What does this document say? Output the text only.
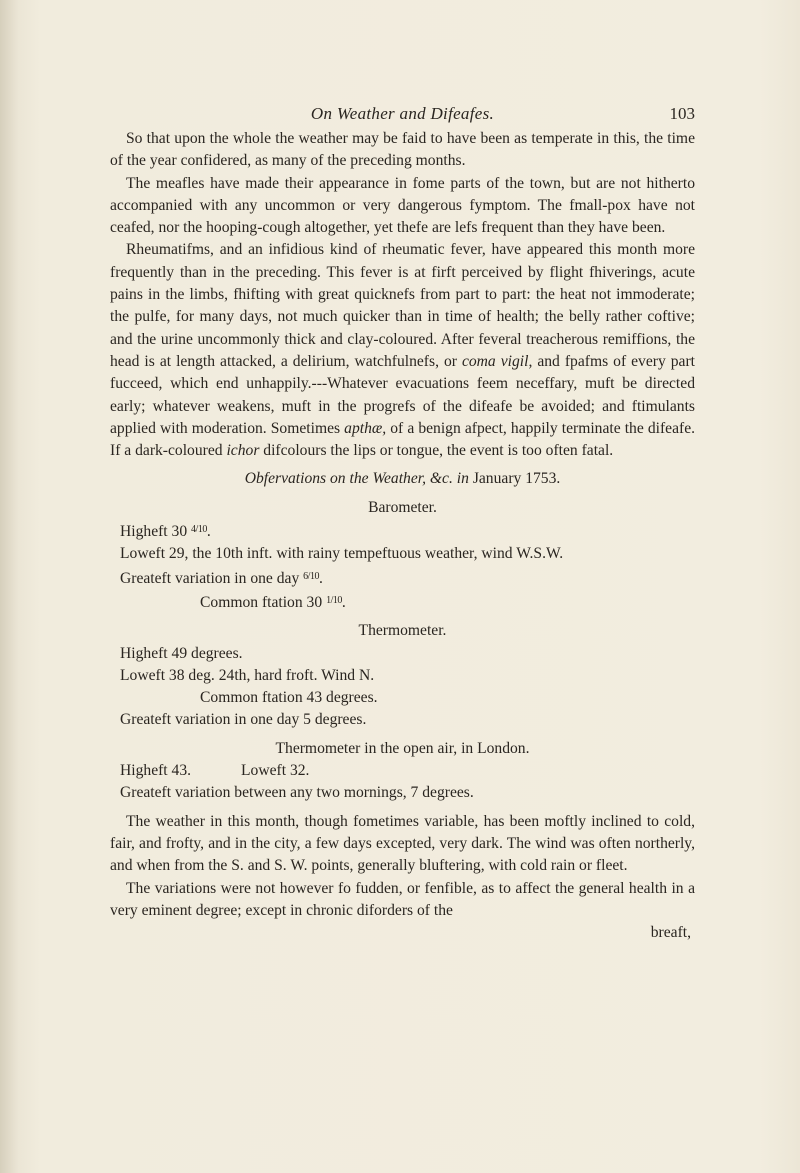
On Weather and Difeafes.	103

So that upon the whole the weather may be faid to have been as temperate in this, the time of the year confidered, as many of the preceding months.

The meafles have made their appearance in fome parts of the town, but are not hitherto accompanied with any uncommon or very dangerous fymptom. The fmall-pox have not ceafed, nor the hooping-cough altogether, yet thefe are lefs frequent than they have been.

Rheumatifms, and an infidious kind of rheumatic fever, have appeared this month more frequently than in the preceding. This fever is at firft perceived by flight fhiverings, acute pains in the limbs, fhifting with great quicknefs from part to part: the heat not immoderate; the pulfe, for many days, not much quicker than in time of health; the belly rather coftive; and the urine uncommonly thick and clay-coloured. After feveral treacherous remiffions, the head is at length attacked, a delirium, watchfulnefs, or coma vigil, and fpafms of every part fucceed, which end unhappily.---Whatever evacuations feem neceffary, muft be directed early; whatever weakens, muft in the progrefs of the difeafe be avoided; and ftimulants applied with moderation. Sometimes apthæ, of a benign afpect, happily terminate the difeafe. If a dark-coloured ichor difcolours the lips or tongue, the event is too often fatal.

Obfervations on the Weather, &c. in January 1753.

Barometer.

Higheft 30 $^{4/10}$.

Loweft 29, the 10th inft. with rainy tempeftuous weather, wind W.S.W.

Greateft variation in one day $^{6/10}$.

Common ftation 30 $^{1/10}$.

Thermometer.

Higheft 49 degrees.

Loweft 38 deg. 24th, hard froft. Wind N.

Common ftation 43 degrees.

Greateft variation in one day 5 degrees.

Thermometer in the open air, in London.

Higheft 43.	Loweft 32.

Greateft variation between any two mornings, 7 degrees.

The weather in this month, though fometimes variable, has been moftly inclined to cold, fair, and frofty, and in the city, a few days excepted, very dark. The wind was often northerly, and when from the S. and S. W. points, generally bluftering, with cold rain or fleet.

The variations were not however fo fudden, or fenfible, as to affect the general health in a very eminent degree; except in chronic diforders of the

breaft,
